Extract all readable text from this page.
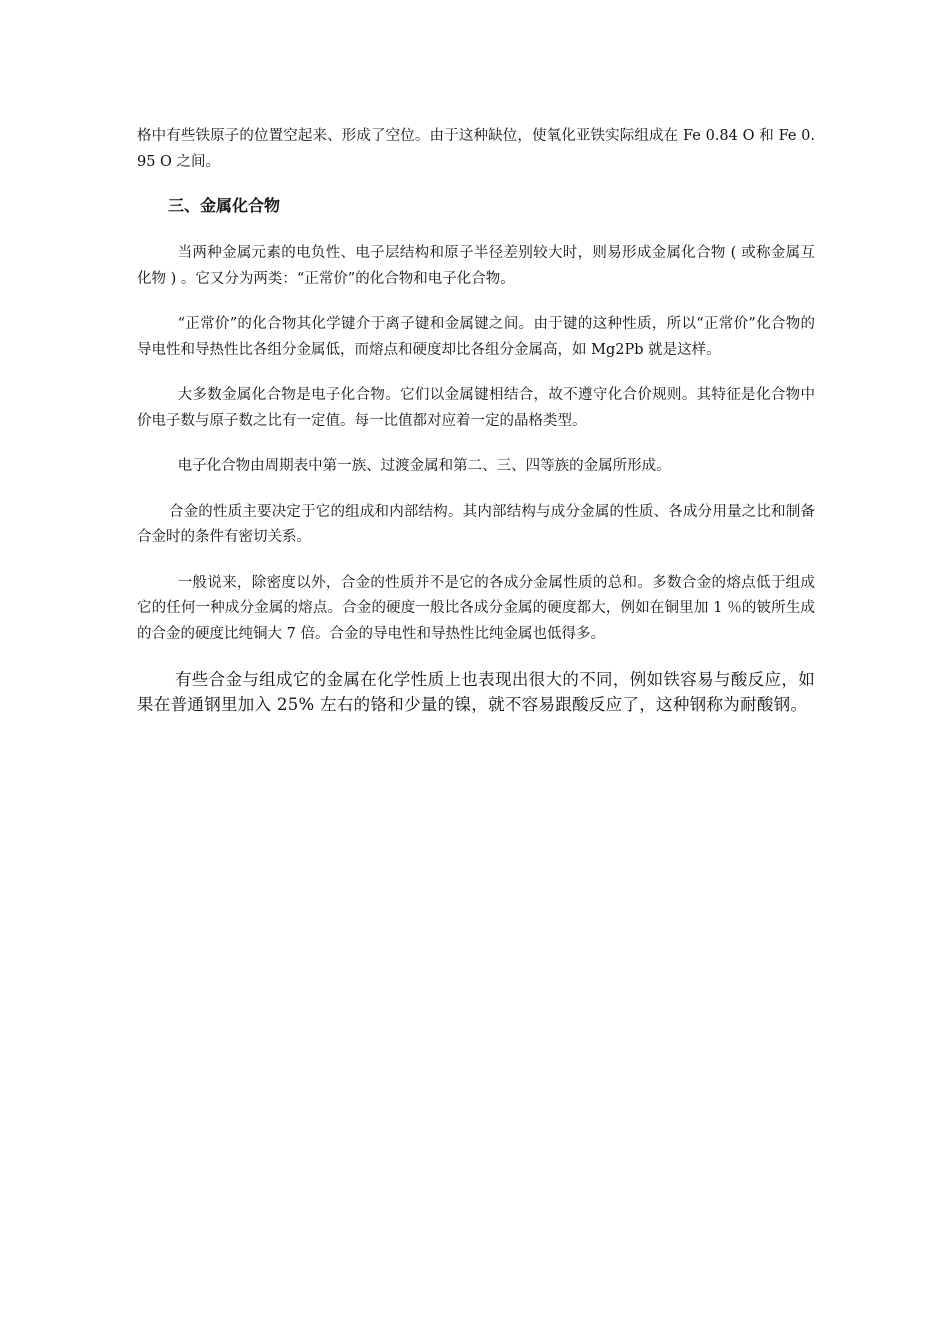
格中有些铁原子的位置空起来、形成了空位。由于这种缺位，使氧化亚铁实际组成在 Fe 0.84 O 和 Fe 0.95 O 之间。

三、金属化合物

当两种金属元素的电负性、电子层结构和原子半径差别较大时，则易形成金属化合物 ( 或称金属互化物 ) 。它又分为两类：“正常价”的化合物和电子化合物。

“正常价”的化合物其化学键介于离子键和金属键之间。由于键的这种性质，所以“正常价”化合物的导电性和导热性比各组分金属低，而熔点和硬度却比各组分金属高，如 Mg2Pb 就是这样。

大多数金属化合物是电子化合物。它们以金属键相结合，故不遵守化合价规则。其特征是化合物中价电子数与原子数之比有一定值。每一比值都对应着一定的晶格类型。

电子化合物由周期表中第一族、过渡金属和第二、三、四等族的金属所形成。

合金的性质主要决定于它的组成和内部结构。其内部结构与成分金属的性质、各成分用量之比和制备合金时的条件有密切关系。

一般说来，除密度以外，合金的性质并不是它的各成分金属性质的总和。多数合金的熔点低于组成它的任何一种成分金属的熔点。合金的硬度一般比各成分金属的硬度都大，例如在铜里加 1 ％的铍所生成的合金的硬度比纯铜大 7 倍。合金的导电性和导热性比纯金属也低得多。

有些合金与组成它的金属在化学性质上也表现出很大的不同，例如铁容易与酸反应，如果在普通钢里加入 25% 左右的铬和少量的镍，就不容易跟酸反应了，这种钢称为耐酸钢。
